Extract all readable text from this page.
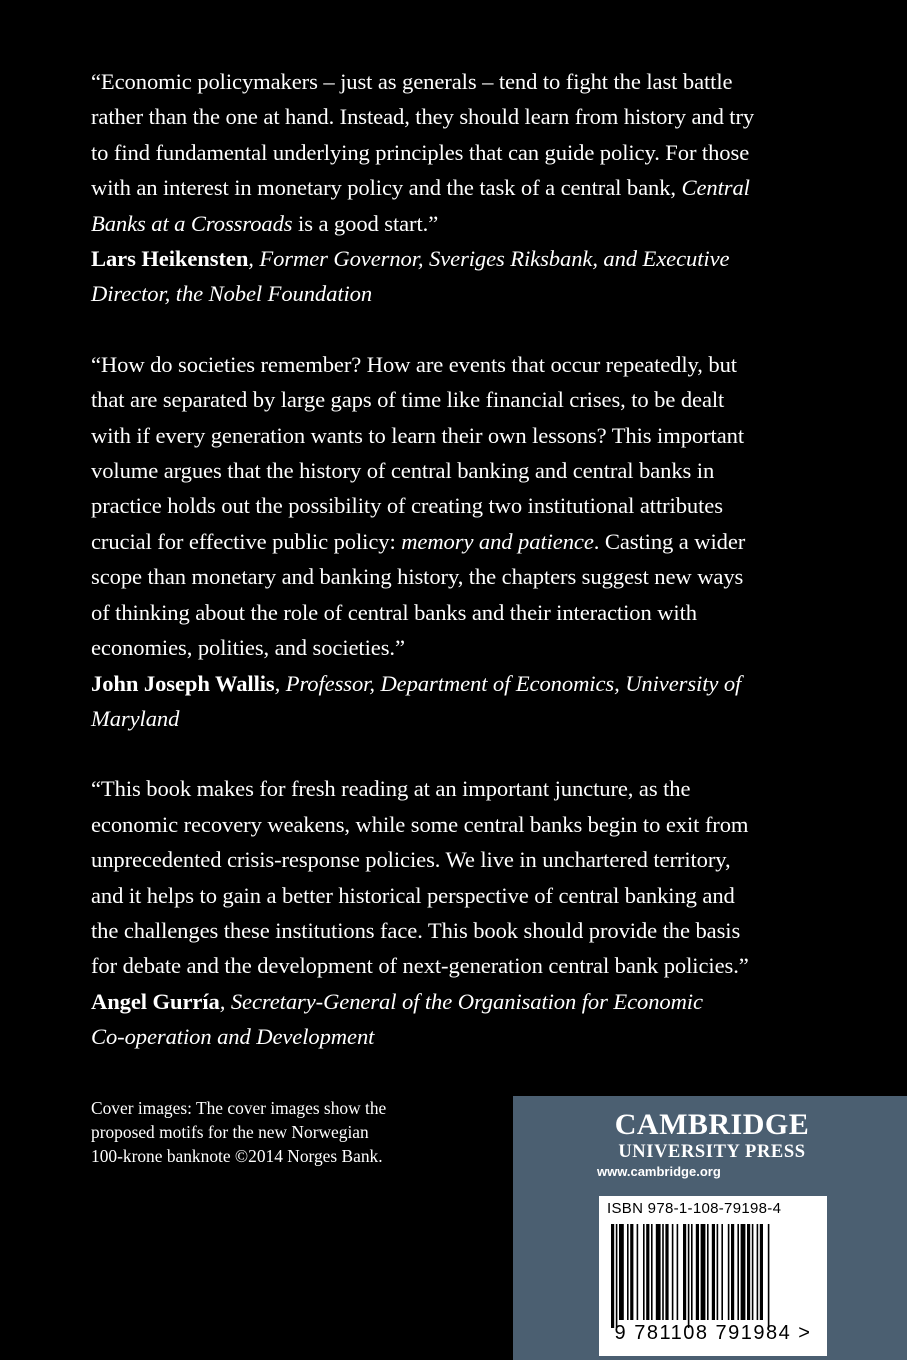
“Economic policymakers – just as generals – tend to fight the last battle

rather than the one at hand. Instead, they should learn from history and try

to find fundamental underlying principles that can guide policy. For those

with an interest in monetary policy and the task of a central bank, Central

Banks at a Crossroads is a good start.”

Lars Heikensten, Former Governor, Sveriges Riksbank, and Executive

Director, the Nobel Foundation

“How do societies remember? How are events that occur repeatedly, but

that are separated by large gaps of time like financial crises, to be dealt

with if every generation wants to learn their own lessons? This important

volume argues that the history of central banking and central banks in

practice holds out the possibility of creating two institutional attributes

crucial for effective public policy: memory and patience. Casting a wider

scope than monetary and banking history, the chapters suggest new ways

of thinking about the role of central banks and their interaction with

economies, polities, and societies.”

John Joseph Wallis, Professor, Department of Economics, University of

Maryland

“This book makes for fresh reading at an important juncture, as the

economic recovery weakens, while some central banks begin to exit from

unprecedented crisis-response policies. We live in unchartered territory,

and it helps to gain a better historical perspective of central banking and

the challenges these institutions face. This book should provide the basis

for debate and the development of next-generation central bank policies.”

Angel Gurría, Secretary-General of the Organisation for Economic

Co-operation and Development

Cover images: The cover images show the
proposed motifs for the new Norwegian
100-krone banknote ©2014 Norges Bank.
CAMBRIDGE
UNIVERSITY PRESS
www.cambridge.org
ISBN 978-1-108-79198-4
9 781108 791984 >
